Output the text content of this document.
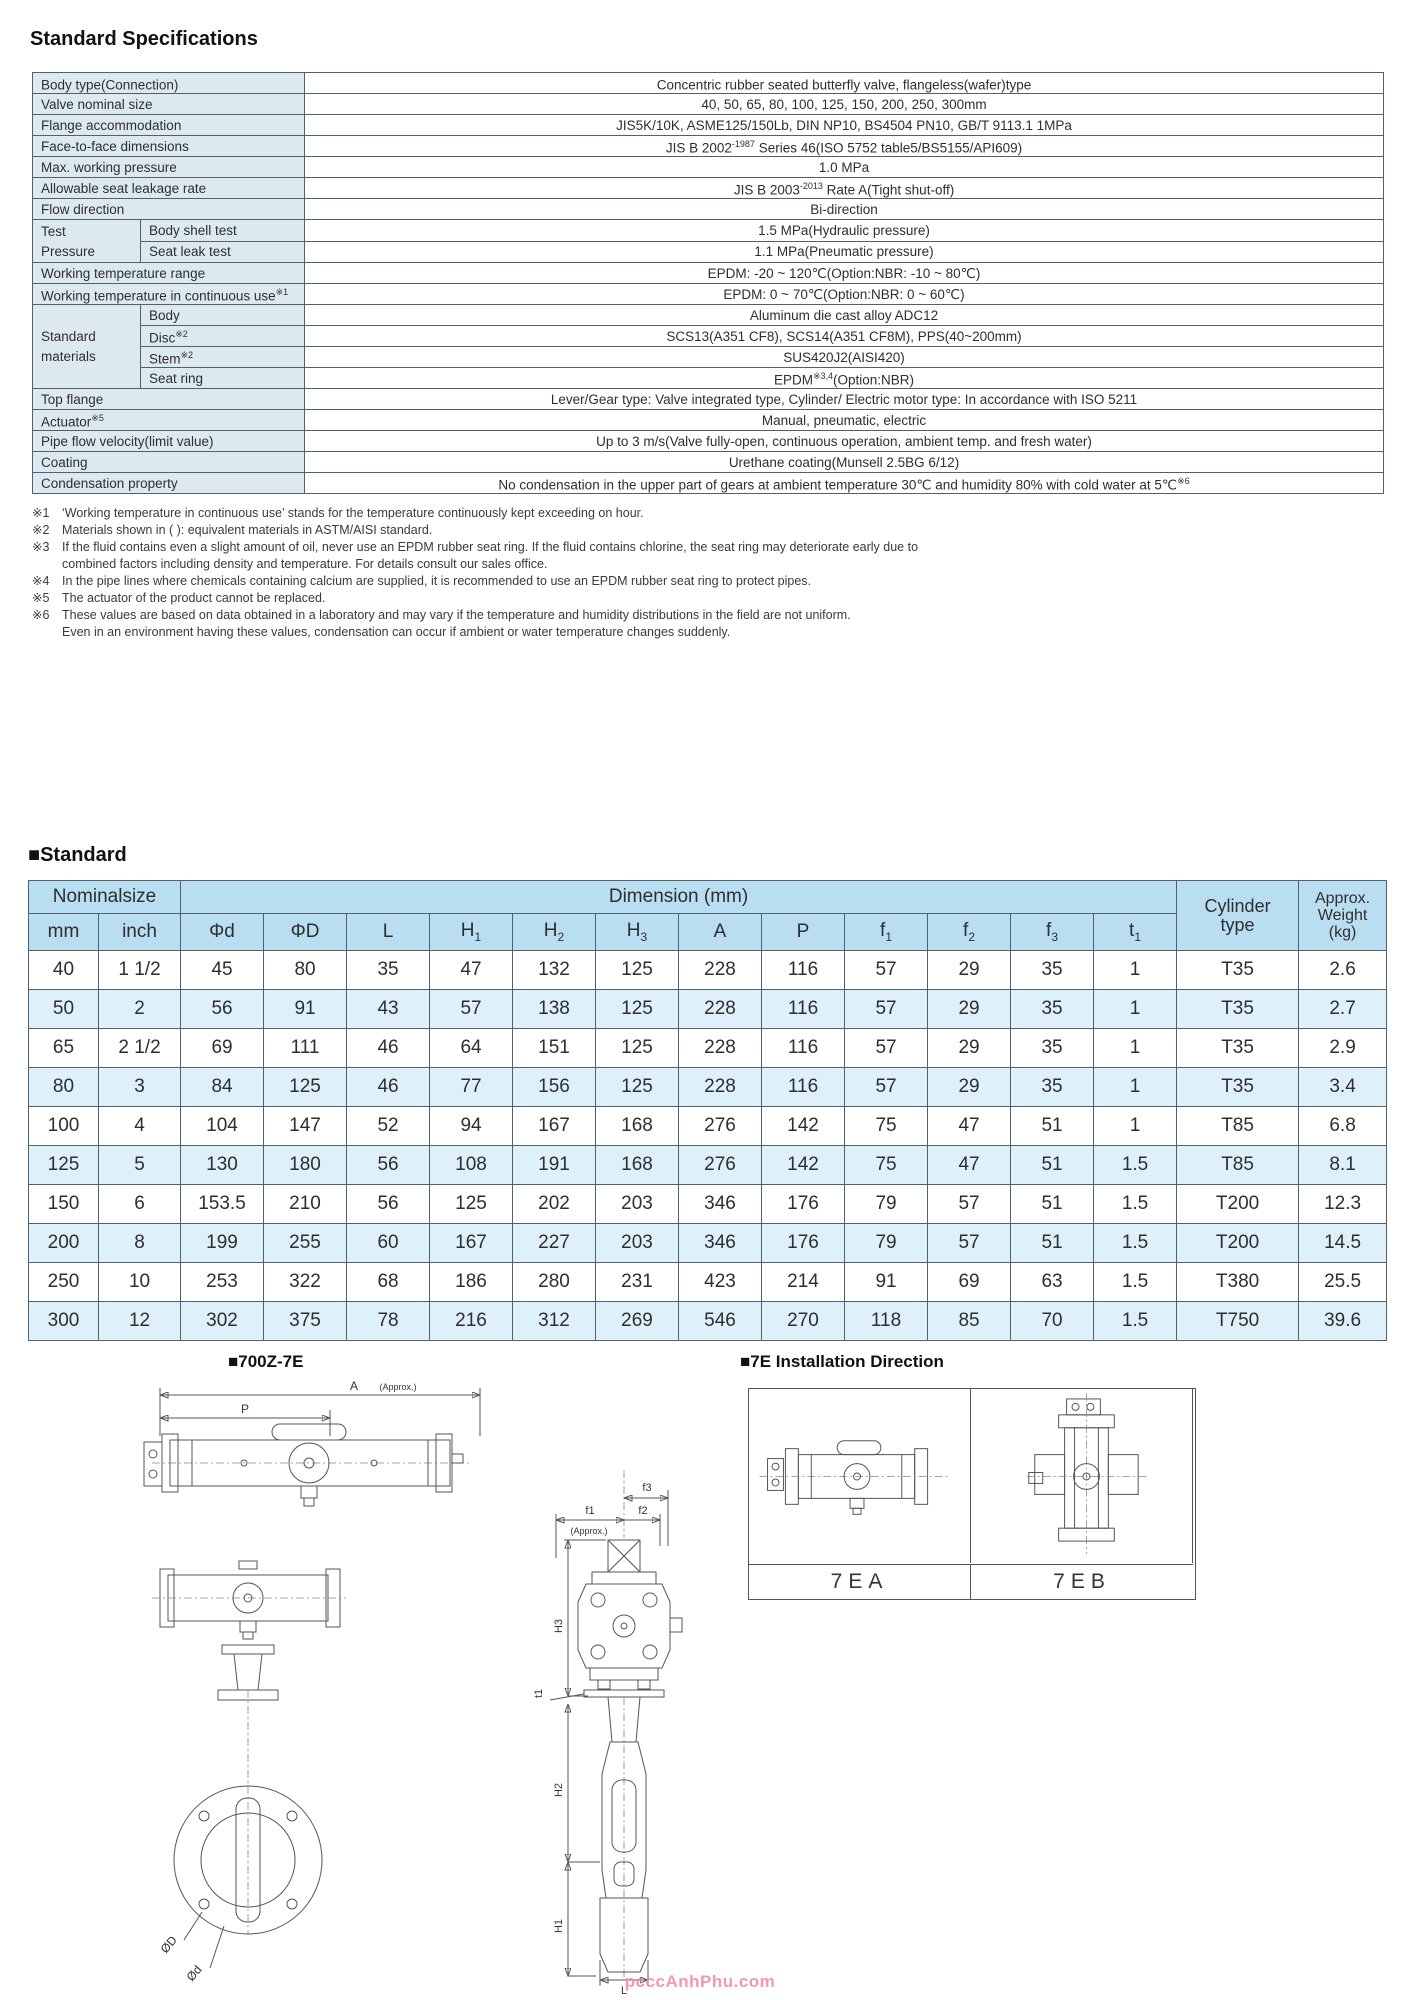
Standard Specifications
Body type(Connection)		Concentric rubber seated butterfly valve, flangeless(wafer)type
Valve nominal size		40, 50, 65, 80, 100, 125, 150, 200, 250, 300mm
Flange accommodation		JIS5K/10K, ASME125/150Lb, DIN NP10, BS4504 PN10, GB/T 9113.1 1MPa
Face-to-face dimensions		JIS B $2002^{-1987}$ Series 46(ISO 5752 table5/BS5155/API609)
Max. working pressure		1.0 MPa
Allowable seat leakage rate		JIS B $2003^{-2013}$ Rate A(Tight shut-off)
Flow direction		Bi-direction
Test
Pressure	Body shell test	1.5 MPa(Hydraulic pressure)
	Seat leak test	1.1 MPa(Pneumatic pressure)
Working temperature range		EPDM: -20 ~ 120℃(Option:NBR: -10 ~ 80℃)
Working temperature in continuous use$^{※1}$		EPDM: 0 ~ 70℃(Option:NBR: 0 ~ 60℃)
Standard
materials	Body	Aluminum die cast alloy ADC12
	Disc$^{※2}$	SCS13(A351 CF8), SCS14(A351 CF8M), PPS(40~200mm)
	Stem$^{※2}$	SUS420J2(AISI420)
	Seat ring	EPDM$^{※3,4}$(Option:NBR)
Top flange		Lever/Gear type: Valve integrated type, Cylinder/ Electric motor type: In accordance with ISO 5211
Actuator$^{※5}$		Manual, pneumatic, electric
Pipe flow velocity(limit value)		Up to 3 m/s(Valve fully-open, continuous operation, ambient temp. and fresh water)
Coating		Urethane coating(Munsell 2.5BG 6/12)
Condensation property		No condensation in the upper part of gears at ambient temperature 30℃ and humidity 80% with cold water at 5℃$^{※6}$
※1	‘Working temperature in continuous use’ stands for the temperature continuously kept exceeding on hour.
※2	Materials shown in ( ): equivalent materials in ASTM/AISI standard.
※3	If the fluid contains even a slight amount of oil, never use an EPDM rubber seat ring. If the fluid contains chlorine, the seat ring may deteriorate early due to
combined factors including density and temperature. For details consult our sales office.
※4	In the pipe lines where chemicals containing calcium are supplied, it is recommended to use an EPDM rubber seat ring to protect pipes.
※5	The actuator of the product cannot be replaced.
※6	These values are based on data obtained in a laboratory and may vary if the temperature and humidity distributions in the field are not uniform.
Even in an environment having these values, condensation can occur if ambient or water temperature changes suddenly.
■Standard
Nominalsize		Dimension (mm)												Cylinder
type	Approx.
Weight
(kg)
mm	inch	Φd	ΦD	L	$H_1$	$H_2$	$H_3$	A	P	$f_1$	$f_2$	$f_3$	$t_1$
40	1 1/2	45	80	35	47	132	125	228	116	57	29	35	1	T35	2.6
50	2	56	91	43	57	138	125	228	116	57	29	35	1	T35	2.7
65	2 1/2	69	111	46	64	151	125	228	116	57	29	35	1	T35	2.9
80	3	84	125	46	77	156	125	228	116	57	29	35	1	T35	3.4
100	4	104	147	52	94	167	168	276	142	75	47	51	1	T85	6.8
125	5	130	180	56	108	191	168	276	142	75	47	51	1.5	T85	8.1
150	6	153.5	210	56	125	202	203	346	176	79	57	51	1.5	T200	12.3
200	8	199	255	60	167	227	203	346	176	79	57	51	1.5	T200	14.5
250	10	253	322	68	186	280	231	423	214	91	69	63	1.5	T380	25.5
300	12	302	375	78	216	312	269	546	270	118	85	70	1.5	T750	39.6
■700Z-7E	■7E Installation Direction
A (Approx.)
P
ØD
Ød
f3
f1
(Approx.)
f2
H3
t1
H2
H1
L
7EA	7EB
pcccAnhPhu.com
